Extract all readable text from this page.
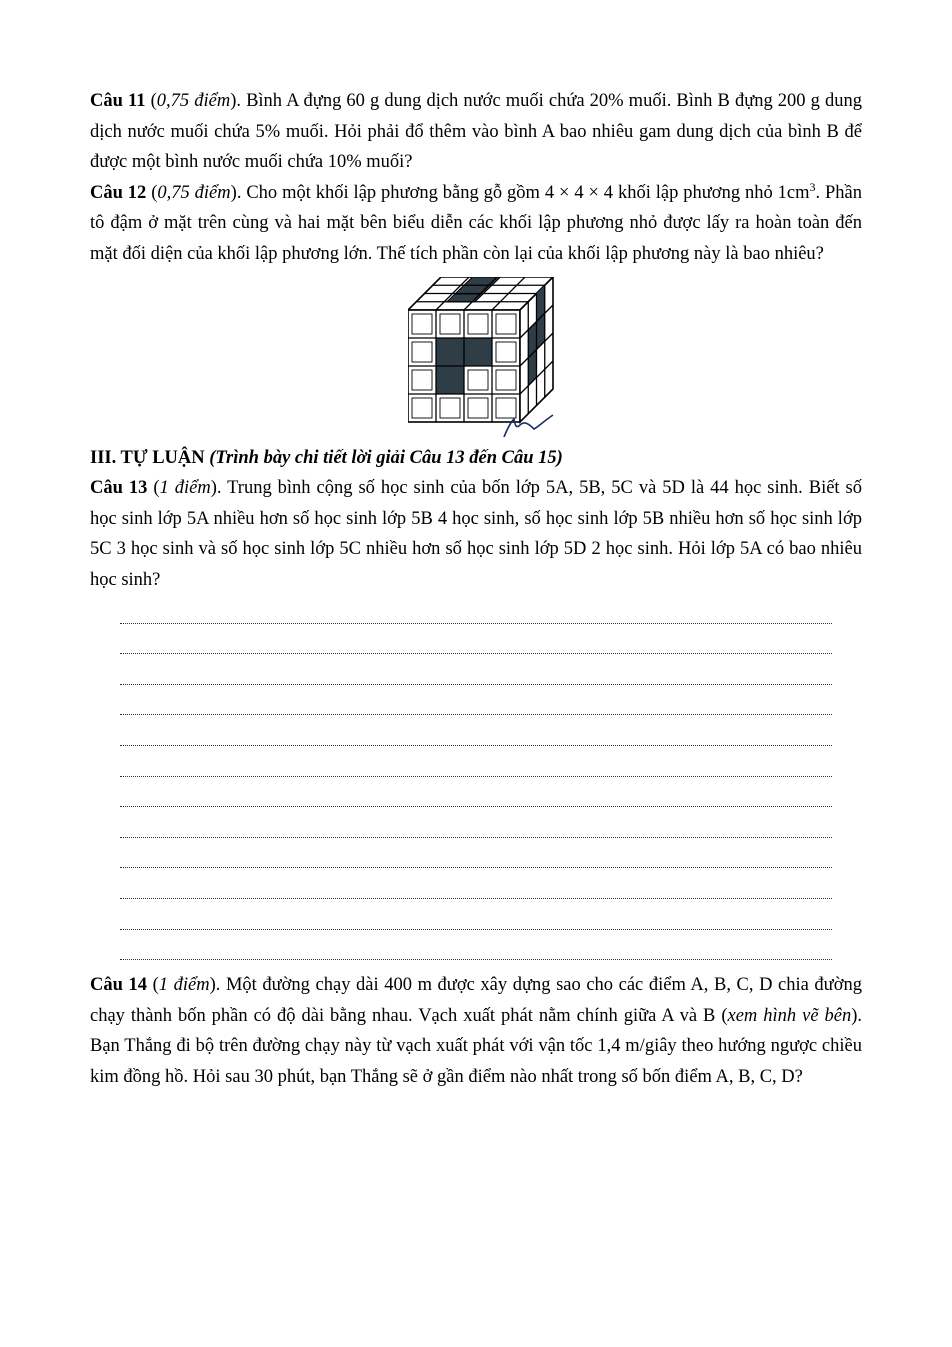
Câu 11 (0,75 điểm). Bình A đựng 60 g dung dịch nước muối chứa 20% muối. Bình B đựng 200 g dung dịch nước muối chứa 5% muối. Hỏi phải đổ thêm vào bình A bao nhiêu gam dung dịch của bình B để được một bình nước muối chứa 10% muối?

Câu 12 (0,75 điểm). Cho một khối lập phương bằng gỗ gồm 4 × 4 × 4 khối lập phương nhỏ $1cm^3$. Phần tô đậm ở mặt trên cùng và hai mặt bên biểu diễn các khối lập phương nhỏ được lấy ra hoàn toàn đến mặt đối diện của khối lập phương lớn. Thế tích phần còn lại của khối lập phương này là bao nhiêu?

III. TỰ LUẬN (Trình bày chi tiết lời giải Câu 13 đến Câu 15)

Câu 13 (1 điểm). Trung bình cộng số học sinh của bốn lớp 5A, 5B, 5C và 5D là 44 học sinh. Biết số học sinh lớp 5A nhiều hơn số học sinh lớp 5B 4 học sinh, số học sinh lớp 5B nhiều hơn số học sinh lớp 5C 3 học sinh và số học sinh lớp 5C nhiều hơn số học sinh lớp 5D 2 học sinh. Hỏi lớp 5A có bao nhiêu học sinh?

Câu 14 (1 điểm). Một đường chạy dài 400 m được xây dựng sao cho các điểm A, B, C, D chia đường chạy thành bốn phần có độ dài bằng nhau. Vạch xuất phát nằm chính giữa A và B (xem hình vẽ bên). Bạn Thắng đi bộ trên đường chạy này từ vạch xuất phát với vận tốc 1,4 m/giây theo hướng ngược chiều kim đồng hồ. Hỏi sau 30 phút, bạn Thắng sẽ ở gần điểm nào nhất trong số bốn điểm A, B, C, D?
